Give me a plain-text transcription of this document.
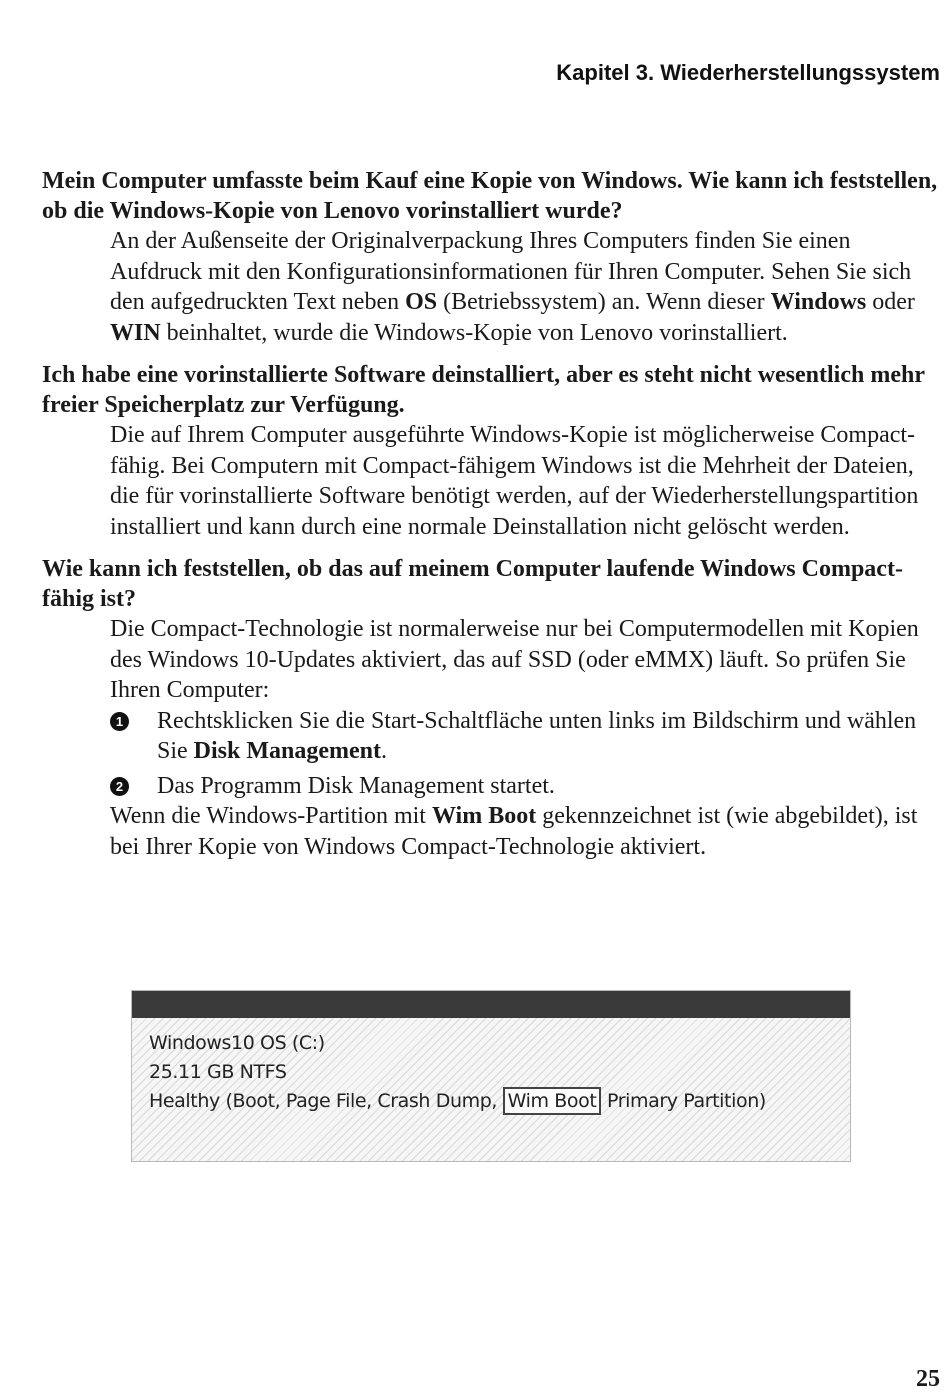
Kapitel 3. Wiederherstellungssystem

Mein Computer umfasste beim Kauf eine Kopie von Windows. Wie kann ich feststellen, ob die Windows-Kopie von Lenovo vorinstalliert wurde?

An der Außenseite der Originalverpackung Ihres Computers finden Sie einen Aufdruck mit den Konfigurationsinformationen für Ihren Computer. Sehen Sie sich den aufgedruckten Text neben OS (Betriebssystem) an. Wenn dieser Windows oder WIN beinhaltet, wurde die Windows-Kopie von Lenovo vorinstalliert.

Ich habe eine vorinstallierte Software deinstalliert, aber es steht nicht wesentlich mehr freier Speicherplatz zur Verfügung.

Die auf Ihrem Computer ausgeführte Windows-Kopie ist möglicherweise Compact-fähig. Bei Computern mit Compact-fähigem Windows ist die Mehrheit der Dateien, die für vorinstallierte Software benötigt werden, auf der Wiederherstellungspartition installiert und kann durch eine normale Deinstallation nicht gelöscht werden.

Wie kann ich feststellen, ob das auf meinem Computer laufende Windows Compact-fähig ist?

Die Compact-Technologie ist normalerweise nur bei Computermodellen mit Kopien des Windows 10-Updates aktiviert, das auf SSD (oder eMMX) läuft. So prüfen Sie Ihren Computer:

1 Rechtsklicken Sie die Start-Schaltfläche unten links im Bildschirm und wählen Sie Disk Management.
2 Das Programm Disk Management startet.

Wenn die Windows-Partition mit Wim Boot gekennzeichnet ist (wie abgebildet), ist bei Ihrer Kopie von Windows Compact-Technologie aktiviert.

Windows10 OS (C:)
25.11 GB NTFS
Healthy (Boot, Page File, Crash Dump, Wim Boot Primary Partition)
25
